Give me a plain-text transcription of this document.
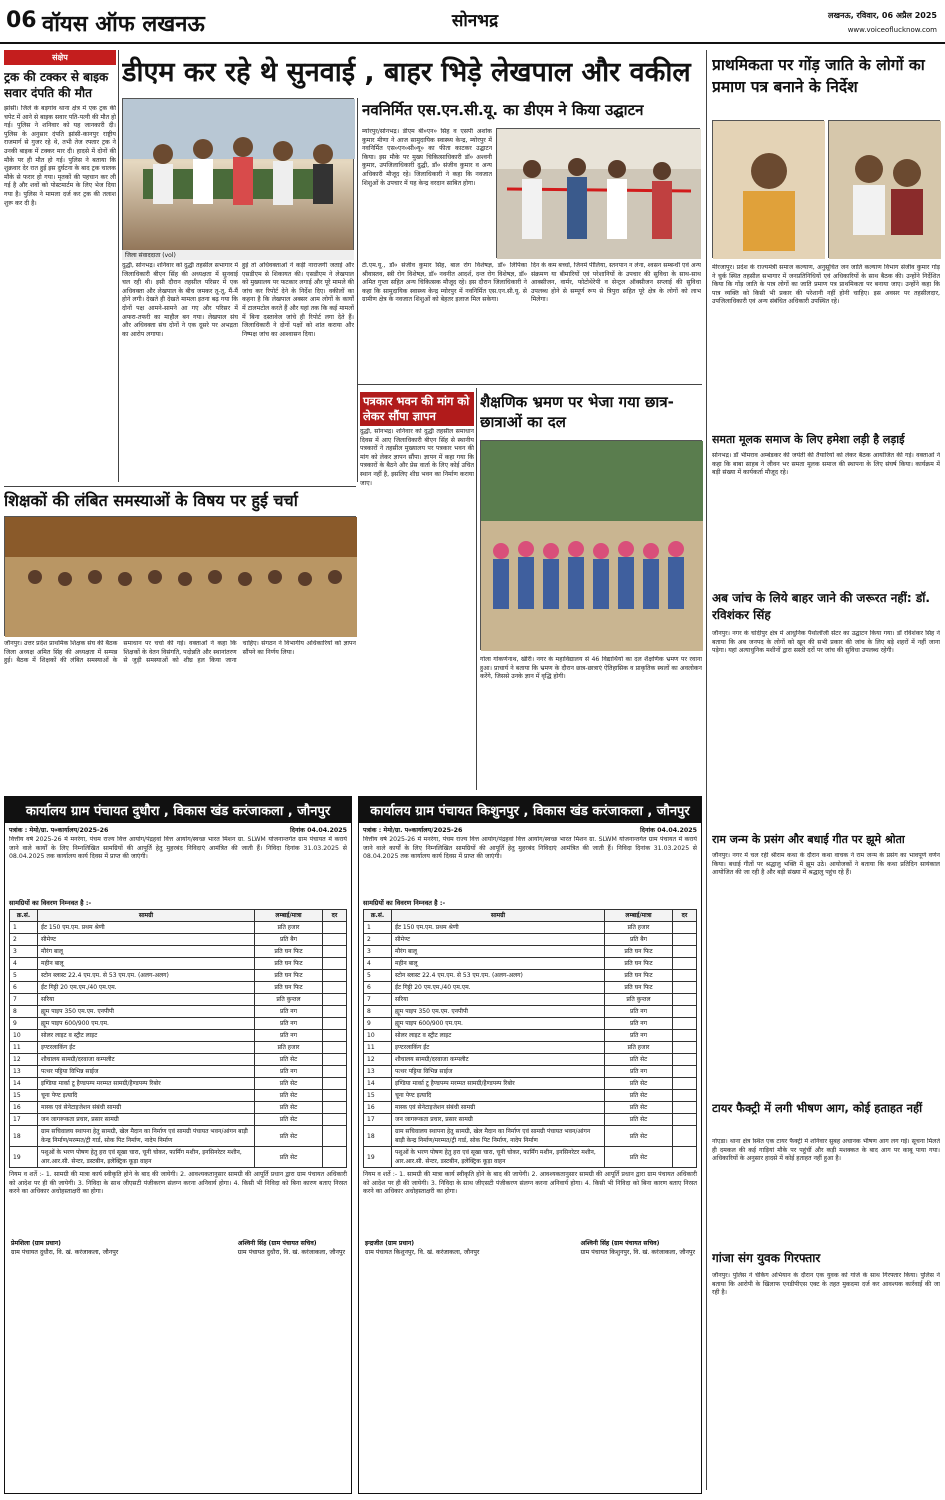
06 वॉयस ऑफ लखनऊ	सोनभद्र	लखनऊ, रविवार, 06 अप्रैल 2025
www.voiceoflucknow.com
संक्षेप
ट्रक की टक्कर से बाइक सवार दंपति की मौत
झांसी। जिले के बड़गांव थाना क्षेत्र में एक ट्रक की चपेट में आने से बाइक सवार पति-पत्नी की मौत हो गई। पुलिस ने शनिवार को यह जानकारी दी। पुलिस के अनुसार दंपति झांसी-कानपुर राष्ट्रीय राजमार्ग से गुजर रहे थे, तभी तेज रफ्तार ट्रक ने उनकी बाइक में टक्कर मार दी। हादसे में दोनों की मौके पर ही मौत हो गई। पुलिस ने बताया कि शुक्रवार देर रात हुई इस दुर्घटना के बाद ट्रक चालक मौके से फरार हो गया। मृतकों की पहचान कर ली गई है और शवों को पोस्टमार्टम के लिए भेज दिया गया है। पुलिस ने मामला दर्ज कर ट्रक की तलाश शुरू कर दी है।
डीएम कर रहे थे सुनवाई , बाहर भिड़े लेखपाल और वकील
जिला संवाददाता (vol)
दुद्धी, सोनभद्र। शनिवार को दुद्धी तहसील सभागार में जिलाधिकारी बीएन सिंह की अध्यक्षता में सुनवाई चल रही थी। इसी दौरान तहसील परिसर में एक अधिवक्ता और लेखपाल के बीच जमकर तू-तू, मैं-मैं होने लगी। देखते ही देखते मामला इतना बढ़ गया कि दोनों पक्ष आमने-सामने आ गए और परिसर में अफरा-तफरी का माहौल बन गया। लेखपाल संघ और अधिवक्ता संघ दोनों ने एक दूसरे पर अभद्रता का आरोप लगाया।
हुई तो अधिवक्ताओं ने कड़ी नाराजगी जताई और एसडीएम से शिकायत की। एसडीएम ने लेखपाल को मुख्यालय पर फटकार लगाई और पूरे मामले की जांच कर रिपोर्ट देने के निर्देश दिए। वकीलों का कहना है कि लेखपाल अक्सर आम लोगों के कार्यों में टालमटोल करते हैं और यहां तक कि कई मामलों में बिना दस्तावेज जांचे ही रिपोर्ट लगा देते हैं। जिलाधिकारी ने दोनों पक्षों को शांत कराया और निष्पक्ष जांच का आश्वासन दिया।
नवनिर्मित एस.एन.सी.यू. का डीएम ने किया उद्घाटन
म्योरपुर/सोनभद्र। डीएम बी०एन० सिंह व एसपी अशोक कुमार मीणा ने आज सामुदायिक स्वास्थ्य केन्द्र, म्योरपुर में नवनिर्मित एस०एन०सी०यू० का फीता काटकर उद्घाटन किया। इस मौके पर मुख्य चिकित्साधिकारी डॉ० अश्वनी कुमार, उपजिलाधिकारी दुद्धी, डॉ० संजीव कुमार व अन्य अधिकारी मौजूद रहे। जिलाधिकारी ने कहा कि नवजात शिशुओं के उपचार में यह केन्द्र वरदान साबित होगा।
टी.एम.यू., डॉ० संजीव कुमार सिंह, बाल रोग विशेषज्ञ, डॉ० लिपिका श्रीवास्तव, स्त्री रोग विशेषज्ञ, डॉ० नवनीत आदर्श, दन्त रोग विशेषज्ञ, डॉ० अमित गुप्ता सहित अन्य चिकित्सक मौजूद रहे। इस दौरान जिलाधिकारी ने कहा कि सामुदायिक स्वास्थ्य केन्द्र म्योरपुर में नवनिर्मित एस.एन.सी.यू. से ग्रामीण क्षेत्र के नवजात शिशुओं को बेहतर इलाज मिल सकेगा।
दिन के कम बच्चों, जिनमें पीलिया, स्तनपान न लेना, श्वसन सम्बन्धी एवं अन्य संक्रमण या बीमारियों एवं परेशानियों के उपचार की सुविधा के साथ-साथ आक्सीजन, वार्मर, फोटोथेरेपी व सेन्ट्रल ऑक्सीजन सप्लाई की सुविधा उपलब्ध होने से सम्पूर्ण रूप से त्रिपुरा सहित पूरे क्षेत्र के लोगों को लाभ मिलेगा।
पत्रकार भवन की मांग को लेकर सौंपा ज्ञापन
दुद्धी, सोनभद्र। शनिवार को दुद्धी तहसील समाधान दिवस में आए जिलाधिकारी बीएन सिंह से स्थानीय पत्रकारों ने तहसील मुख्यालय पर पत्रकार भवन की मांग को लेकर ज्ञापन सौंपा। ज्ञापन में कहा गया कि पत्रकारों के बैठने और प्रेस वार्ता के लिए कोई उचित स्थान नहीं है, इसलिए शीघ्र भवन का निर्माण कराया जाए।
शैक्षणिक भ्रमण पर भेजा गया छात्र-छात्राओं का दल
गोला गोकर्णनाथ, खीरी। नगर के महाविद्यालय से 46 विद्यार्थियों का दल शैक्षणिक भ्रमण पर रवाना हुआ। प्राचार्य ने बताया कि भ्रमण के दौरान छात्र-छात्राएं ऐतिहासिक व प्राकृतिक स्थलों का अवलोकन करेंगे, जिससे उनके ज्ञान में वृद्धि होगी।
प्राथमिकता पर गोंड़ जाति के लोगों का प्रमाण पत्र बनाने के निर्देश
मीरजापुर। प्रदेश के राज्यमंत्री समाज कल्याण, अनुसूचित जन जाति कल्याण विभाग संजीव कुमार गोंड़ ने चुर्क स्थित तहसील सभागार में जनप्रतिनिधियों एवं अधिकारियों के साथ बैठक की। उन्होंने निर्देशित किया कि गोंड़ जाति के पात्र लोगों का जाति प्रमाण पत्र प्राथमिकता पर बनाया जाए। उन्होंने कहा कि पात्र व्यक्ति को किसी भी प्रकार की परेशानी नहीं होनी चाहिए। इस अवसर पर तहसीलदार, उपजिलाधिकारी एवं अन्य संबंधित अधिकारी उपस्थित रहे।
समता मूलक समाज के लिए हमेशा लड़ी है लड़ाई
सोनभद्र। डॉ भीमराव अम्बेडकर की जयंती की तैयारियों को लेकर बैठक आयोजित की गई। वक्ताओं ने कहा कि बाबा साहब ने जीवन भर समता मूलक समाज की स्थापना के लिए संघर्ष किया। कार्यक्रम में बड़ी संख्या में कार्यकर्ता मौजूद रहे।
अब जांच के लिये बाहर जाने की जरूरत नहीं: डॉ. रविशंकर सिंह
जौनपुर। नगर के चांदीपुर क्षेत्र में आधुनिक पैथोलॉजी सेंटर का उद्घाटन किया गया। डॉ रविशंकर सिंह ने बताया कि अब जनपद के लोगों को खून की सभी प्रकार की जांच के लिए बड़े शहरों में नहीं जाना पड़ेगा। यहां अत्याधुनिक मशीनों द्वारा सस्ती दरों पर जांच की सुविधा उपलब्ध रहेगी।
राम जन्म के प्रसंग और बधाई गीत पर झूमे श्रोता
जौनपुर। नगर में चल रही श्रीराम कथा के दौरान कथा वाचक ने राम जन्म के प्रसंग का भावपूर्ण वर्णन किया। बधाई गीतों पर श्रद्धालु भक्ति में झूम उठे। आयोजकों ने बताया कि कथा प्रतिदिन सायंकाल आयोजित की जा रही है और बड़ी संख्या में श्रद्धालु पहुंच रहे हैं।
टायर फैक्ट्री में लगी भीषण आग, कोई हताहत नहीं
नोएडा। थाना क्षेत्र स्थित एक टायर फैक्ट्री में शनिवार सुबह अचानक भीषण आग लग गई। सूचना मिलते ही दमकल की कई गाड़ियां मौके पर पहुंचीं और कड़ी मशक्कत के बाद आग पर काबू पाया गया। अधिकारियों के अनुसार हादसे में कोई हताहत नहीं हुआ है।
गांजा संग युवक गिरफ्तार
जौनपुर। पुलिस ने चेकिंग अभियान के दौरान एक युवक को गांजे के साथ गिरफ्तार किया। पुलिस ने बताया कि आरोपी के खिलाफ एनडीपीएस एक्ट के तहत मुकदमा दर्ज कर आवश्यक कार्रवाई की जा रही है।
शिक्षकों की लंबित समस्याओं के विषय पर हुई चर्चा
जौनपुर। उत्तर प्रदेश प्राथमिक शिक्षक संघ की बैठक जिला अध्यक्ष अमित सिंह की अध्यक्षता में सम्पन्न हुई। बैठक में शिक्षकों की लंबित समस्याओं के समाधान पर चर्चा की गई। वक्ताओं ने कहा कि शिक्षकों के वेतन विसंगति, पदोन्नति और स्थानांतरण से जुड़ी समस्याओं को शीघ्र हल किया जाना चाहिए। संगठन ने विभागीय अधिकारियों को ज्ञापन सौंपने का निर्णय लिया।
कार्यालय ग्राम पंचायत दुधौरा , विकास खंड करंजाकला , जौनपुर
पत्रांक : मेमो/ग्रा. प०कार्यालय/2025-26	दिनांक 04.04.2025
वित्तीय वर्ष 2025-26 में मनरेगा, पंचम राज्य वित्त आयोग/पंद्रहवां वित्त आयोग/स्वच्छ भारत मिशन ग्रा. SLWM योजनान्तर्गत ग्राम पंचायत में कराये जाने वाले कार्यों के लिए निम्नलिखित सामग्रियों की आपूर्ति हेतु मुहरबंद निविदाएं आमंत्रित की जाती हैं। निविदा दिनांक 31.03.2025 से 08.04.2025 तक कार्यालय कार्य दिवस में प्राप्त की जाएंगी।
सामग्रियों का विवरण निम्नवत है :-
क्र.सं.	सामग्री	लम्बाई/मात्रा	दर
1	ईंट 150 एम.एम. प्रथम श्रेणी	प्रति हजार	
2	सीमेण्ट	प्रति बैग	
3	मौरंग बालू	प्रति घन फिट	
4	महीन बालू	प्रति घन फिट	
5	स्टोन ब्लास्ट 22.4 एम.एम. से 53 एम.एम. (अलग-अलग)	प्रति घन फिट	
6	ईंट गिट्टी 20 एम.एम./40 एम.एम.	प्रति घन फिट	
7	सरिया	प्रति कुन्तल	
8	ह्यूम पाइप 350 एम.एम. एनपीपी	प्रति नग	
9	ह्यूम पाइप 600/900 एम.एम.	प्रति नग	
10	सोलर लाइट व स्ट्रीट लाइट	प्रति नग	
11	इण्टरलाकिंग ईंट	प्रति हजार	
12	शौचालय सामग्री/दरवाजा कम्पलीट	प्रति सेट	
13	पत्थर पट्टिया विभिन्न साईज	प्रति नग	
14	इण्डिया मार्का टू हैण्डपम्प मरम्मत सामग्री/हैण्डपम्प रिबोर	प्रति सेट	
15	चूना पेण्ट इत्यादि	प्रति सेट	
16	मास्क एवं सेनेटाइजेशन संबंधी सामग्री	प्रति सेट	
17	जन जागरूकता प्रचार, प्रसार सामग्री	प्रति सेट	
18	ग्राम सचिवालय स्थापना हेतु सामग्री, खेल मैदान का निर्माण एवं सामग्री पंचायत भवन/आंगन बाड़ी केन्द्र निर्माण/मरम्मत/ट्री गार्ड, सोक पिट निर्माण, नादेप निर्माण	प्रति सेट	
19	पशुओं के भरण पोषण हेतु हरा एवं सूखा चारा, चूनी चोकर, फार्मिंग मशीन, इनसिनरेटर मशीन, आर.आर.सी. सेन्टर, डस्टबीन, इलेक्ट्रिक कूड़ा वाहन	प्रति सेट	
नियम व शर्ते :- 1. सामग्री की मात्रा कार्य स्वीकृति होने के बाद की जायेगी। 2. आवश्यकतानुसार सामग्री की आपूर्ति प्रधान द्वारा ग्राम पंचायत अधिकारी को आदेश पर ही की जायेगी। 3. निविदा के साथ जीएसटी पंजीकरण संलग्न करना अनिवार्य होगा। 4. किसी भी निविदा को बिना कारण बताए निरस्त करने का अधिकार अधोहस्ताक्षरी का होगा।
प्रेमशिला (ग्राम प्रधान)
ग्राम पंचायत दुधौरा, वि. खं. करंजाकला, जौनपुर
अश्विनी सिंह (ग्राम पंचायत सचिव)
ग्राम पंचायत दुधौरा, वि. खं. करंजाकला, जौनपुर
कार्यालय ग्राम पंचायत किशुनपुर , विकास खंड करंजाकला , जौनपुर
पत्रांक : मेमो/ग्रा. प०कार्यालय/2025-26	दिनांक 04.04.2025
वित्तीय वर्ष 2025-26 में मनरेगा, पंचम राज्य वित्त आयोग/पंद्रहवां वित्त आयोग/स्वच्छ भारत मिशन ग्रा. SLWM योजनान्तर्गत ग्राम पंचायत में कराये जाने वाले कार्यों के लिए निम्नलिखित सामग्रियों की आपूर्ति हेतु मुहरबंद निविदाएं आमंत्रित की जाती हैं। निविदा दिनांक 31.03.2025 से 08.04.2025 तक कार्यालय कार्य दिवस में प्राप्त की जाएंगी।
सामग्रियों का विवरण निम्नवत है :-
क्र.सं.	सामग्री	लम्बाई/मात्रा	दर
1	ईंट 150 एम.एम. प्रथम श्रेणी	प्रति हजार	
2	सीमेण्ट	प्रति बैग	
3	मौरंग बालू	प्रति घन फिट	
4	महीन बालू	प्रति घन फिट	
5	स्टोन ब्लास्ट 22.4 एम.एम. से 53 एम.एम. (अलग-अलग)	प्रति घन फिट	
6	ईंट गिट्टी 20 एम.एम./40 एम.एम.	प्रति घन फिट	
7	सरिया	प्रति कुन्तल	
8	ह्यूम पाइप 350 एम.एम. एनपीपी	प्रति नग	
9	ह्यूम पाइप 600/900 एम.एम.	प्रति नग	
10	सोलर लाइट व स्ट्रीट लाइट	प्रति नग	
11	इण्टरलाकिंग ईंट	प्रति हजार	
12	शौचालय सामग्री/दरवाजा कम्पलीट	प्रति सेट	
13	पत्थर पट्टिया विभिन्न साईज	प्रति नग	
14	इण्डिया मार्का टू हैण्डपम्प मरम्मत सामग्री/हैण्डपम्प रिबोर	प्रति सेट	
15	चूना पेण्ट इत्यादि	प्रति सेट	
16	मास्क एवं सेनेटाइजेशन संबंधी सामग्री	प्रति सेट	
17	जन जागरूकता प्रचार, प्रसार सामग्री	प्रति सेट	
18	ग्राम सचिवालय स्थापना हेतु सामग्री, खेल मैदान का निर्माण एवं सामग्री पंचायत भवन/आंगन बाड़ी केन्द्र निर्माण/मरम्मत/ट्री गार्ड, सोक पिट निर्माण, नादेप निर्माण	प्रति सेट	
19	पशुओं के भरण पोषण हेतु हरा एवं सूखा चारा, चूनी चोकर, फार्मिंग मशीन, इनसिनरेटर मशीन, आर.आर.सी. सेन्टर, डस्टबीन, इलेक्ट्रिक कूड़ा वाहन	प्रति सेट	
नियम व शर्ते :- 1. सामग्री की मात्रा कार्य स्वीकृति होने के बाद की जायेगी। 2. आवश्यकतानुसार सामग्री की आपूर्ति प्रधान द्वारा ग्राम पंचायत अधिकारी को आदेश पर ही की जायेगी। 3. निविदा के साथ जीएसटी पंजीकरण संलग्न करना अनिवार्य होगा। 4. किसी भी निविदा को बिना कारण बताए निरस्त करने का अधिकार अधोहस्ताक्षरी का होगा।
इन्द्रजीत (ग्राम प्रधान)
ग्राम पंचायत किशुनपुर, वि. खं. करंजाकला, जौनपुर
अश्विनी सिंह (ग्राम पंचायत सचिव)
ग्राम पंचायत किशुनपुर, वि. खं. करंजाकला, जौनपुर
